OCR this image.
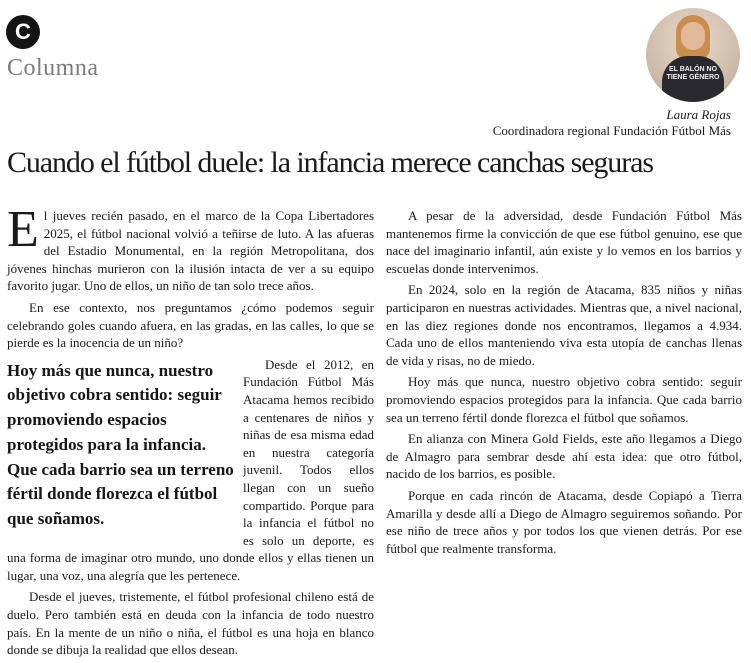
C
Columna	EL BALÓN NO TIENE GÉNERO
Laura Rojas
Coordinadora regional Fundación Fútbol Más
Cuando el fútbol duele: la infancia merece canchas seguras

El jueves recién pasado, en el marco de la Copa Libertadores 2025, el fútbol nacional volvió a teñirse de luto. A las afueras del Estadio Monumental, en la región Metropolitana, dos jóvenes hinchas murieron con la ilusión intacta de ver a su equipo favorito jugar. Uno de ellos, un niño de tan solo trece años.

En ese contexto, nos preguntamos ¿cómo podemos seguir celebrando goles cuando afuera, en las gradas, en las calles, lo que se pierde es la inocencia de un niño?

Hoy más que nunca, nuestro objetivo cobra sentido: seguir promoviendo espacios protegidos para la infancia. Que cada barrio sea un terreno fértil donde florezca el fútbol que soñamos.

Desde el 2012, en Fundación Fútbol Más Atacama hemos recibido a centenares de niños y niñas de esa misma edad en nuestra categoría juvenil. Todos ellos llegan con un sueño compartido. Porque para la infancia el fútbol no es solo un deporte, es una forma de imaginar otro mundo, uno donde ellos y ellas tienen un lugar, una voz, una alegría que les pertenece.

Desde el jueves, tristemente, el fútbol profesional chileno está de duelo. Pero también está en deuda con la infancia de todo nuestro país. En la mente de un niño o niña, el fútbol es una hoja en blanco donde se dibuja la realidad que ellos desean.

A pesar de la adversidad, desde Fundación Fútbol Más mantenemos firme la convicción de que ese fútbol genuino, ese que nace del imaginario infantil, aún existe y lo vemos en los barrios y escuelas donde intervenimos.

En 2024, solo en la región de Atacama, 835 niños y niñas participaron en nuestras actividades. Mientras que, a nivel nacional, en las diez regiones donde nos encontramos, llegamos a 4.934. Cada uno de ellos manteniendo viva esta utopía de canchas llenas de vida y risas, no de miedo.

Hoy más que nunca, nuestro objetivo cobra sentido: seguir promoviendo espacios protegidos para la infancia. Que cada barrio sea un terreno fértil donde florezca el fútbol que soñamos.

En alianza con Minera Gold Fields, este año llegamos a Diego de Almagro para sembrar desde ahí esta idea: que otro fútbol, nacido de los barrios, es posible.

Porque en cada rincón de Atacama, desde Copiapó a Tierra Amarilla y desde allí a Diego de Almagro seguiremos soñando. Por ese niño de trece años y por todos los que vienen detrás. Por ese fútbol que realmente transforma.
